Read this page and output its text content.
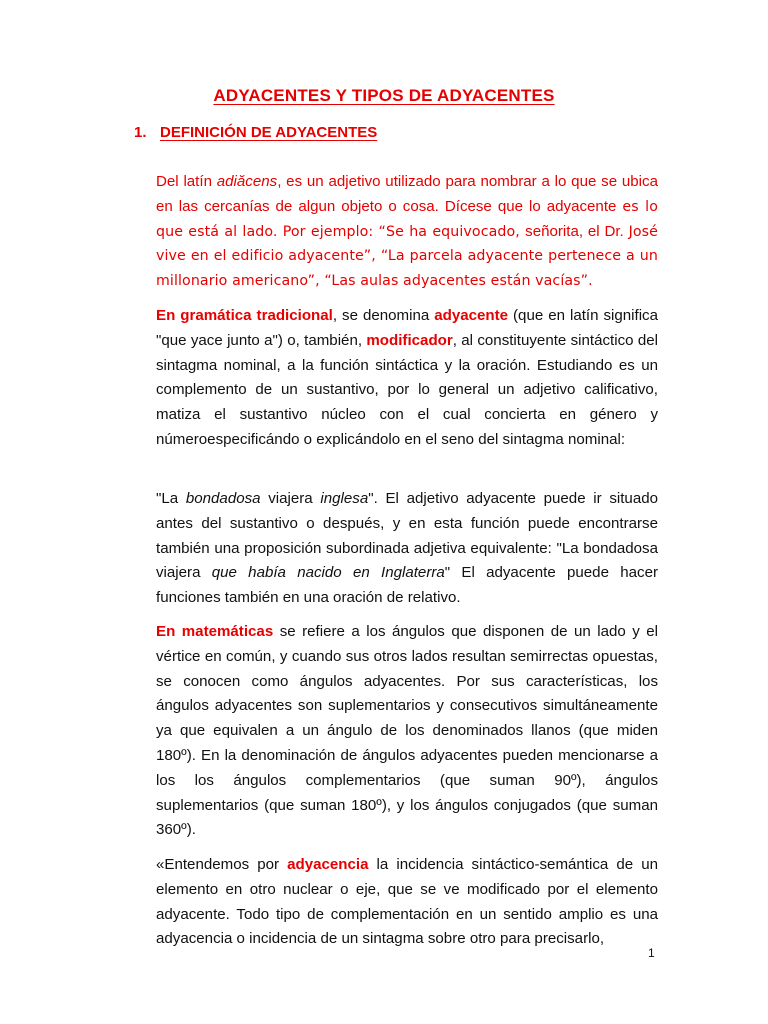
ADYACENTES Y TIPOS DE ADYACENTES
1. DEFINICIÓN DE ADYACENTES

Del latín adiăcens, es un adjetivo utilizado para nombrar a lo que se ubica en las cercanías de algun objeto o cosa. Dícese que lo adyacente es lo que está al lado. Por ejemplo: “Se ha equivocado, señorita, el Dr. José vive en el edificio adyacente”, “La parcela adyacente pertenece a un millonario americano”, “Las aulas adyacentes están vacías”.

En gramática tradicional, se denomina adyacente (que en latín significa "que yace junto a") o, también, modificador, al constituyente sintáctico del sintagma nominal, a la función sintáctica y la oración. Estudiando es un complemento de un sustantivo, por lo general un adjetivo calificativo, matiza el sustantivo núcleo con el cual concierta en género y númeroespecificándo o explicándolo en el seno del sintagma nominal:

"La bondadosa viajera inglesa". El adjetivo adyacente puede ir situado antes del sustantivo o después, y en esta función puede encontrarse también una proposición subordinada adjetiva equivalente: "La bondadosa viajera que había nacido en Inglaterra" El adyacente puede hacer funciones también en una oración de relativo.

En matemáticas se refiere a los ángulos que disponen de un lado y el vértice en común, y cuando sus otros lados resultan semirrectas opuestas, se conocen como ángulos adyacentes. Por sus características, los ángulos adyacentes son suplementarios y consecutivos simultáneamente ya que equivalen a un ángulo de los denominados llanos (que miden 180º). En la denominación de ángulos adyacentes pueden mencionarse a los los ángulos complementarios (que suman 90º), ángulos suplementarios (que suman 180º), y los ángulos conjugados (que suman 360º).

«Entendemos por adyacencia la incidencia sintáctico-semántica de un elemento en otro nuclear o eje, que se ve modificado por el elemento adyacente. Todo tipo de complementación en un sentido amplio es una adyacencia o incidencia de un sintagma sobre otro para precisarlo,

1
